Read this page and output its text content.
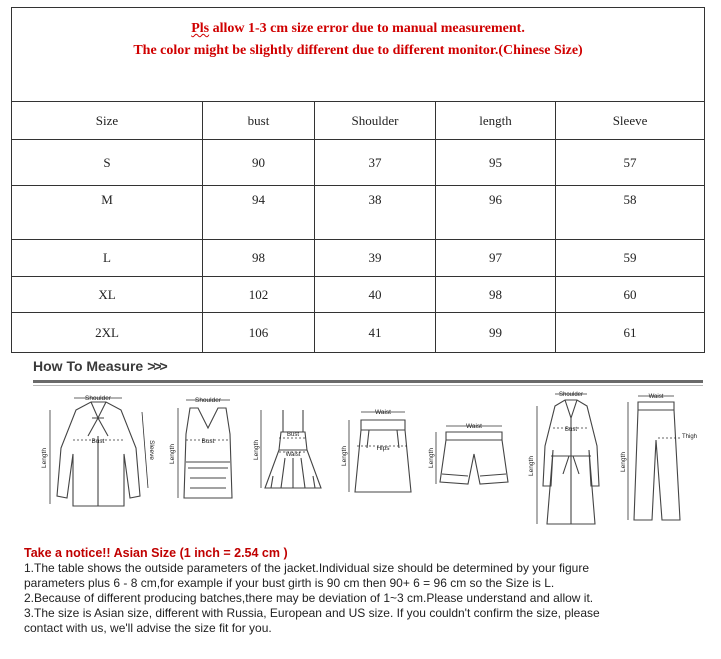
Pls allow 1-3 cm size error due to manual measurement.
The color might be slightly different due to different monitor.(Chinese Size)				

Size	bust	Shoulder	length	Sleeve
S	90	37	95	57
M	94	38	96	58
L	98	39	97	59
XL	102	40	98	60
2XL	106	41	99	61
How To Measure >>>
Shoulder
Bust
Length	Sleeve
Shoulder
Bust
Length
Bust
Waist
Length
Waist
Hips
Length
Waist
Length
Shoulder
Bust
Length
Waist
Thigh
Length

Take a notice!! Asian Size (1 inch = 2.54 cm )

1.The table shows the outside parameters of the jacket.Individual size should be determined by your figure

parameters plus 6 - 8 cm,for example if your bust girth is 90 cm then 90+ 6 = 96 cm so the Size is L.

2.Because of different producing batches,there may be deviation of 1~3 cm.Please understand and allow it.

3.The size is Asian size, different with Russia, European and US size. If you couldn't confirm the size, please

contact with us, we'll advise the size fit for you.
